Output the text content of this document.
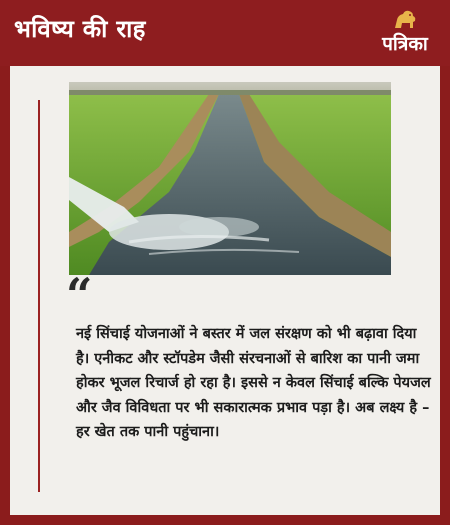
भविष्य की राह
पत्रिका
“
नई सिंचाई योजनाओं ने बस्तर में जल संरक्षण को भी बढ़ावा दिया है। एनीकट और स्टॉपडेम जैसी संरचनाओं से बारिश का पानी जमा होकर भूजल रिचार्ज हो रहा है। इससे न केवल सिंचाई बल्कि पेयजल और जैव विविधता पर भी सकारात्मक प्रभाव पड़ा है। अब लक्ष्य है – हर खेत तक पानी पहुंचाना।
